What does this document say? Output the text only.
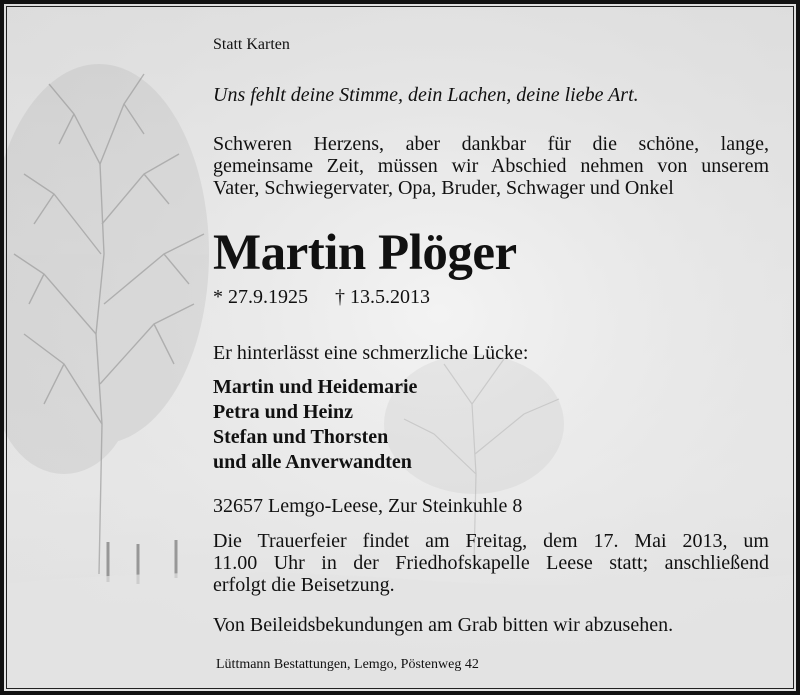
Statt Karten
Uns fehlt deine Stimme, dein Lachen, deine liebe Art.
Schweren Herzens, aber dankbar für die schöne, lange,
gemeinsame Zeit, müssen wir Abschied nehmen von unserem
Vater, Schwiegervater, Opa, Bruder, Schwager und Onkel
Martin Plöger
* 27.9.1925 † 13.5.2013
Er hinterlässt eine schmerzliche Lücke:
Martin und Heidemarie
Petra und Heinz
Stefan und Thorsten
und alle Anverwandten
32657 Lemgo-Leese, Zur Steinkuhle 8
Die Trauerfeier findet am Freitag, dem 17. Mai 2013, um
11.00 Uhr in der Friedhofskapelle Leese statt; anschließend
erfolgt die Beisetzung.
Von Beileidsbekundungen am Grab bitten wir abzusehen.
Lüttmann Bestattungen, Lemgo, Pöstenweg 42
